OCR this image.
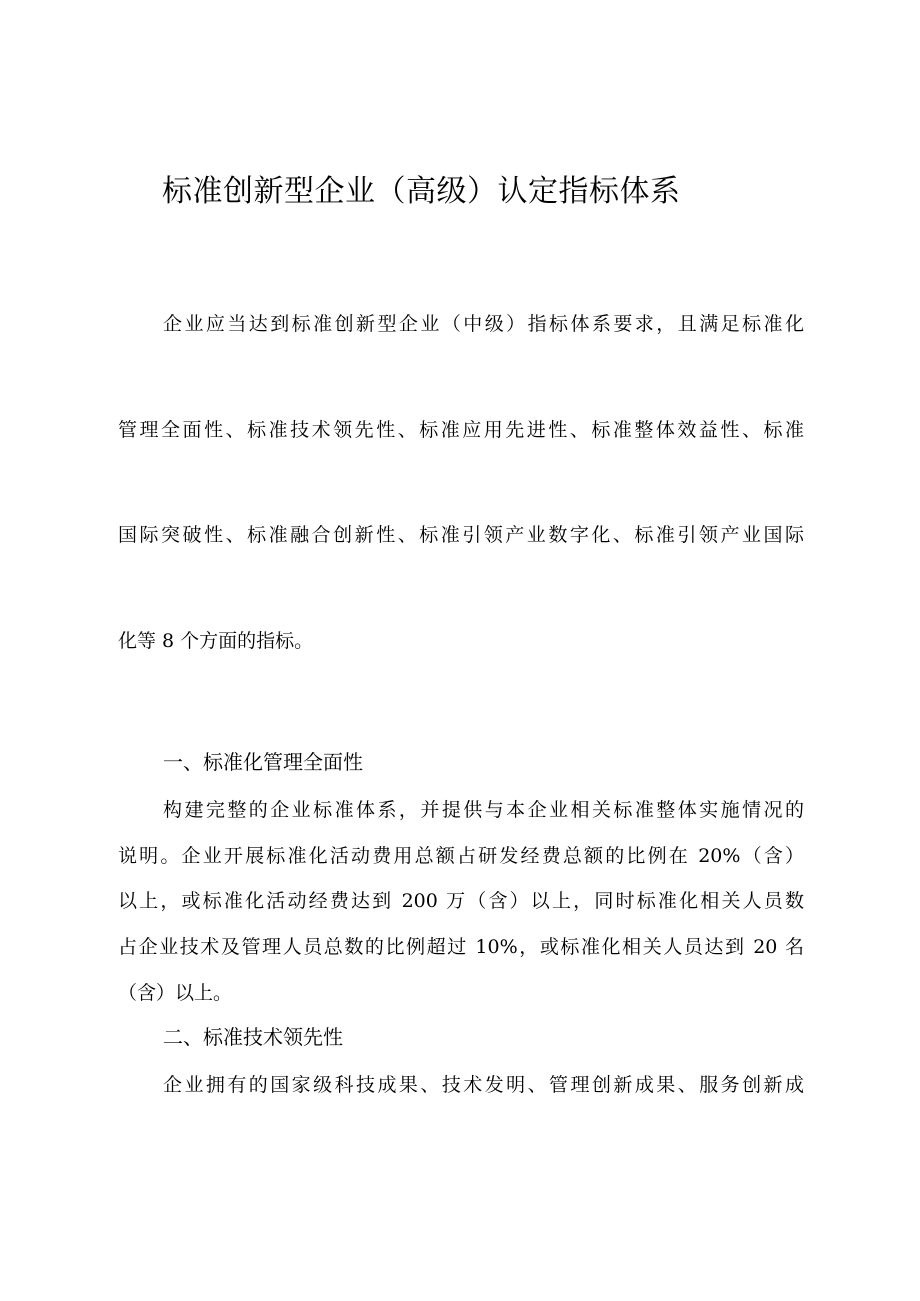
标准创新型企业（高级）认定指标体系

企业应当达到标准创新型企业（中级）指标体系要求，且满足标准化

管理全面性、标准技术领先性、标准应用先进性、标准整体效益性、标准

国际突破性、标准融合创新性、标准引领产业数字化、标准引领产业国际

化等 8 个方面的指标。

一、标准化管理全面性

构建完整的企业标准体系，并提供与本企业相关标准整体实施情况的

说明。企业开展标准化活动费用总额占研发经费总额的比例在 20%（含）

以上，或标准化活动经费达到 200 万（含）以上，同时标准化相关人员数

占企业技术及管理人员总数的比例超过 10%，或标准化相关人员达到 20 名

（含）以上。

二、标准技术领先性

企业拥有的国家级科技成果、技术发明、管理创新成果、服务创新成
